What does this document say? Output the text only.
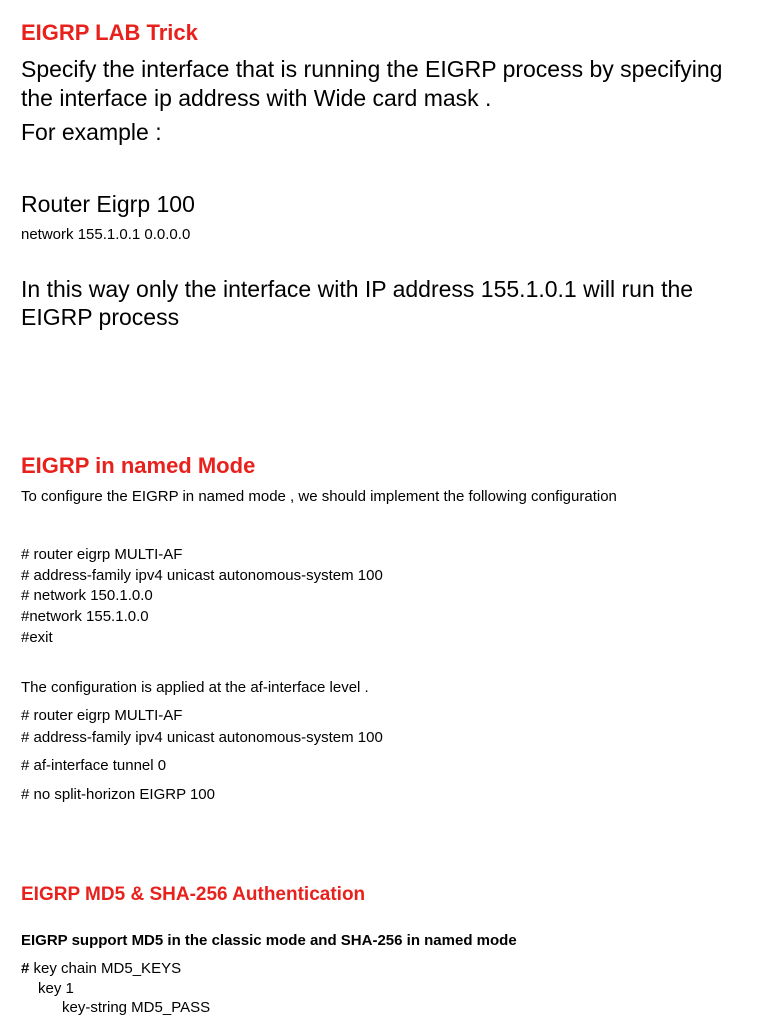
EIGRP LAB Trick
Specify the interface that is running the EIGRP process by specifying
the interface ip address with Wide card mask .
For example :
Router Eigrp 100
network 155.1.0.1 0.0.0.0
In this way only the interface with IP address 155.1.0.1 will run the
EIGRP process
EIGRP in named Mode
To configure the EIGRP in named mode , we should implement the following configuration
# router eigrp MULTI-AF
# address-family ipv4 unicast autonomous-system 100
# network 150.1.0.0
#network 155.1.0.0
#exit
The configuration is applied at the af-interface level .
# router eigrp MULTI-AF
# address-family ipv4 unicast autonomous-system 100
# af-interface tunnel 0
# no split-horizon EIGRP 100
EIGRP MD5 & SHA-256 Authentication
EIGRP support MD5 in the classic mode and SHA-256 in named mode
# key chain MD5_KEYS
key 1
key-string MD5_PASS
